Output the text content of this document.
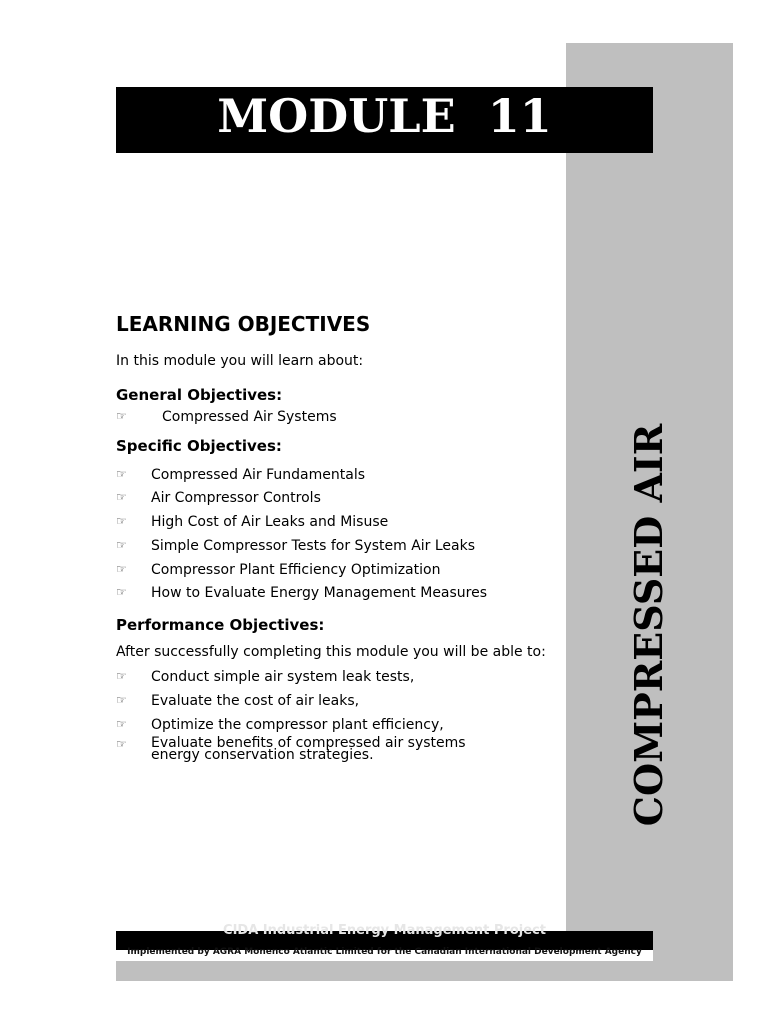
COMPRESSED AIR
MODULE  11
LEARNING OBJECTIVES
In this module you will learn about:
General Objectives:
☞	Compressed Air Systems
Specific Objectives:
☞ Compressed Air Fundamentals
☞ Air Compressor Controls
☞ High Cost of Air Leaks and Misuse
☞ Simple Compressor Tests for System Air Leaks
☞ Compressor Plant Efficiency Optimization
☞ How to Evaluate Energy Management Measures
Performance Objectives:
After successfully completing this module you will be able to:
☞ Conduct simple air system leak tests,
☞ Evaluate the cost of air leaks,
☞ Optimize the compressor plant efficiency,
☞ Evaluate benefits of compressed air systems energy conservation strategies.
CIDA Industrial Energy Management Project
Implemented by AGRA Monenco Atlantic Limited for the Canadian International Development Agency
